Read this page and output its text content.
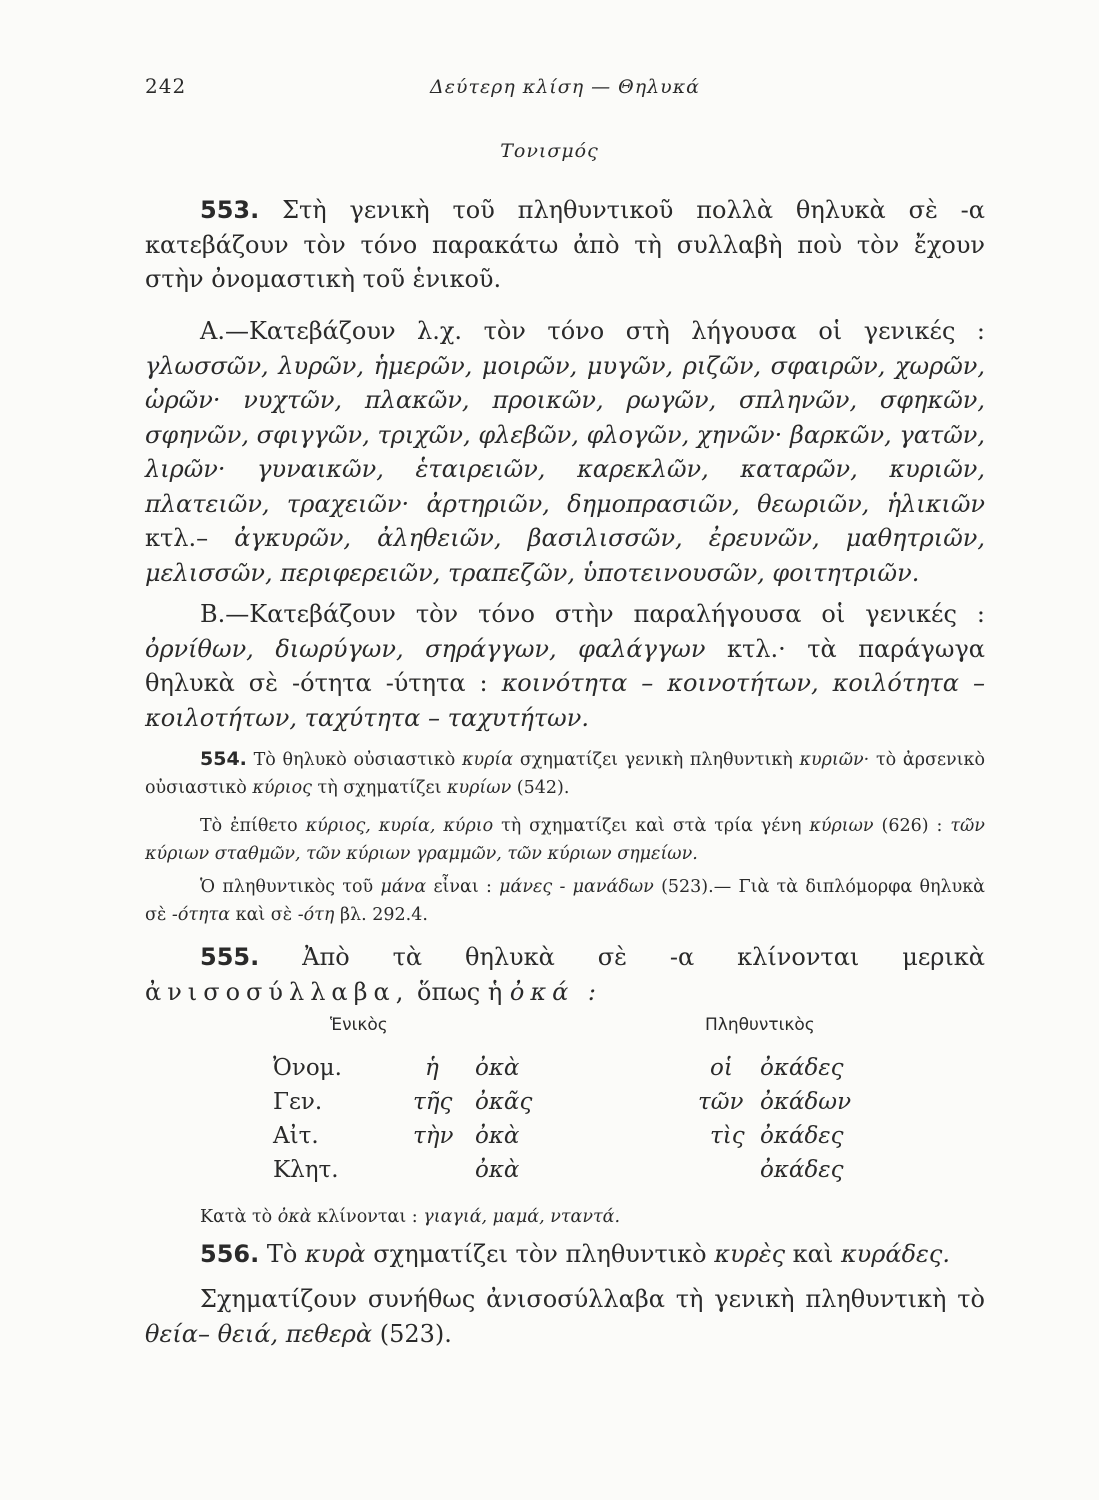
242	Δεύτερη κλίση — Θηλυκά
Τονισμός
553. Στὴ γενικὴ τοῦ πληθυντικοῦ πολλὰ θηλυκὰ σὲ -α κατεβάζουν τὸν τόνο παρακάτω ἀπὸ τὴ συλλαβὴ ποὺ τὸν ἔχουν στὴν ὀνομαστικὴ τοῦ ἑνικοῦ.
Α.—Κατεβάζουν λ.χ. τὸν τόνο στὴ λήγουσα οἱ γενικές : γλωσσῶν, λυρῶν, ἡμερῶν, μοιρῶν, μυγῶν, ριζῶν, σφαιρῶν, χωρῶν, ὡρῶν· νυχτῶν, πλακῶν, προικῶν, ρωγῶν, σπληνῶν, σφηκῶν, σφηνῶν, σφιγγῶν, τριχῶν, φλεβῶν, φλογῶν, χηνῶν· βαρκῶν, γατῶν, λιρῶν· γυναικῶν, ἑταιρειῶν, καρεκλῶν, καταρῶν, κυριῶν, πλατειῶν, τραχειῶν· ἀρτηριῶν, δημοπρασιῶν, θεωριῶν, ἡλικιῶν κτλ.– ἀγκυρῶν, ἀληθειῶν, βασιλισσῶν, ἐρευνῶν, μαθητριῶν, μελισσῶν, περιφερειῶν, τραπεζῶν, ὑποτεινουσῶν, φοιτητριῶν.
Β.—Κατεβάζουν τὸν τόνο στὴν παραλήγουσα οἱ γενικές : ὀρνίθων, διωρύγων, σηράγγων, φαλάγγων κτλ.· τὰ παράγωγα θηλυκὰ σὲ -ότητα -ύτητα : κοινότητα – κοινοτήτων, κοιλότητα – κοιλοτήτων, ταχύτητα – ταχυτήτων.
554. Τὸ θηλυκὸ οὐσιαστικὸ κυρία σχηματίζει γενικὴ πληθυντικὴ κυριῶν· τὸ ἀρσενικὸ οὐσιαστικὸ κύριος τὴ σχηματίζει κυρίων (542).
Τὸ ἐπίθετο κύριος, κυρία, κύριο τὴ σχηματίζει καὶ στὰ τρία γένη κύριων (626) : τῶν κύριων σταθμῶν, τῶν κύριων γραμμῶν, τῶν κύριων σημείων.
Ὁ πληθυντικὸς τοῦ μάνα εἶναι : μάνες - μανάδων (523).— Γιὰ τὰ διπλόμορφα θηλυκὰ σὲ -ότητα καὶ σὲ -ότη βλ. 292.4.
555. Ἀπὸ τὰ θηλυκὰ σὲ -α κλίνονται μερικὰ ἀνισοσύλλαβα, ὅπως ἡ ὀκά :
Ἑνικὸς	Πληθυντικὸς
Ὀνομ.	ἡ ὀκὰ	οἱ ὀκάδες
Γεν.	τῆς ὀκᾶς	τῶν ὀκάδων
Αἰτ.	τὴν ὀκὰ	τὶς ὀκάδες
Κλητ.	ὀκὰ	ὀκάδες
Κατὰ τὸ ὀκὰ κλίνονται : γιαγιά, μαμά, νταντά.
556. Τὸ κυρὰ σχηματίζει τὸν πληθυντικὸ κυρὲς καὶ κυράδες.
Σχηματίζουν συνήθως ἀνισοσύλλαβα τὴ γενικὴ πληθυντικὴ τὸ θεία– θειά, πεθερὰ (523).
